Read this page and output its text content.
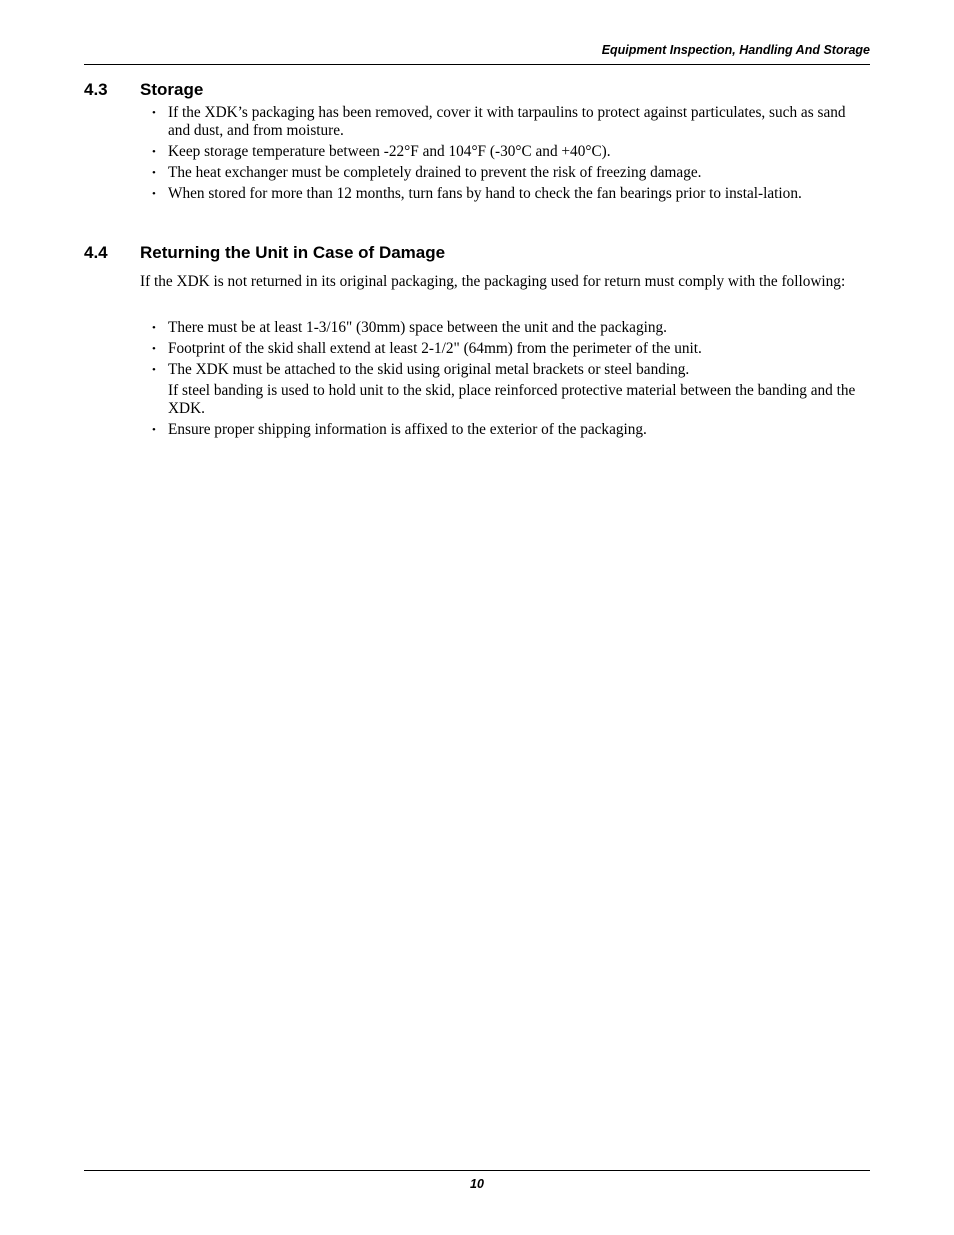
Equipment Inspection, Handling And Storage
4.3	Storage
• If the XDK’s packaging has been removed, cover it with tarpaulins to protect against particulates, such as sand and dust, and from moisture.
• Keep storage temperature between -22°F and 104°F (-30°C and +40°C).
• The heat exchanger must be completely drained to prevent the risk of freezing damage.
• When stored for more than 12 months, turn fans by hand to check the fan bearings prior to instal-lation.
4.4	Returning the Unit in Case of Damage

If the XDK is not returned in its original packaging, the packaging used for return must comply with the following:

• There must be at least 1-3/16" (30mm) space between the unit and the packaging.
• Footprint of the skid shall extend at least 2-1/2" (64mm) from the perimeter of the unit.
• The XDK must be attached to the skid using original metal brackets or steel banding.
If steel banding is used to hold unit to the skid, place reinforced protective material between the banding and the XDK.
• Ensure proper shipping information is affixed to the exterior of the packaging.
10
